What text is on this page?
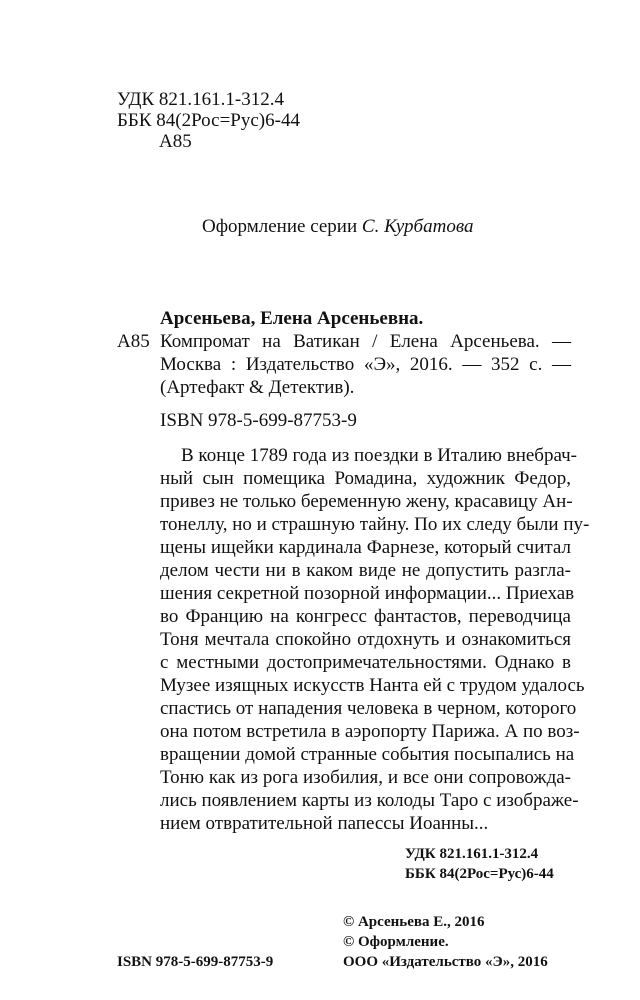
УДК 821.161.1-312.4
ББК 84(2Рос=Рус)6-44
А85
Оформление серии С. Курбатова
Арсеньева, Елена Арсеньевна.
А85 Компромат на Ватикан / Елена Арсеньева. —
Москва : Издательство «Э», 2016. — 352 с. —
(Артефакт & Детектив).
ISBN 978-5-699-87753-9
В конце 1789 года из поездки в Италию внебрач-
ный сын помещика Ромадина, художник Федор,
привез не только беременную жену, красавицу Ан-
тонеллу, но и страшную тайну. По их следу были пу-
щены ищейки кардинала Фарнезе, который считал
делом чести ни в каком виде не допустить разгла-
шения секретной позорной информации... Приехав
во Францию на конгресс фантастов, переводчица
Тоня мечтала спокойно отдохнуть и ознакомиться
с местными достопримечательностями. Однако в
Музее изящных искусств Нанта ей с трудом удалось
спастись от нападения человека в черном, которого
она потом встретила в аэропорту Парижа. А по воз-
вращении домой странные события посыпались на
Тоню как из рога изобилия, и все они сопровожда-
лись появлением карты из колоды Таро с изображе-
нием отвратительной папессы Иоанны...
УДК 821.161.1-312.4
ББК 84(2Рос=Рус)6-44
© Арсеньева Е., 2016
© Оформление.
ISBN 978-5-699-87753-9	ООО «Издательство «Э», 2016
